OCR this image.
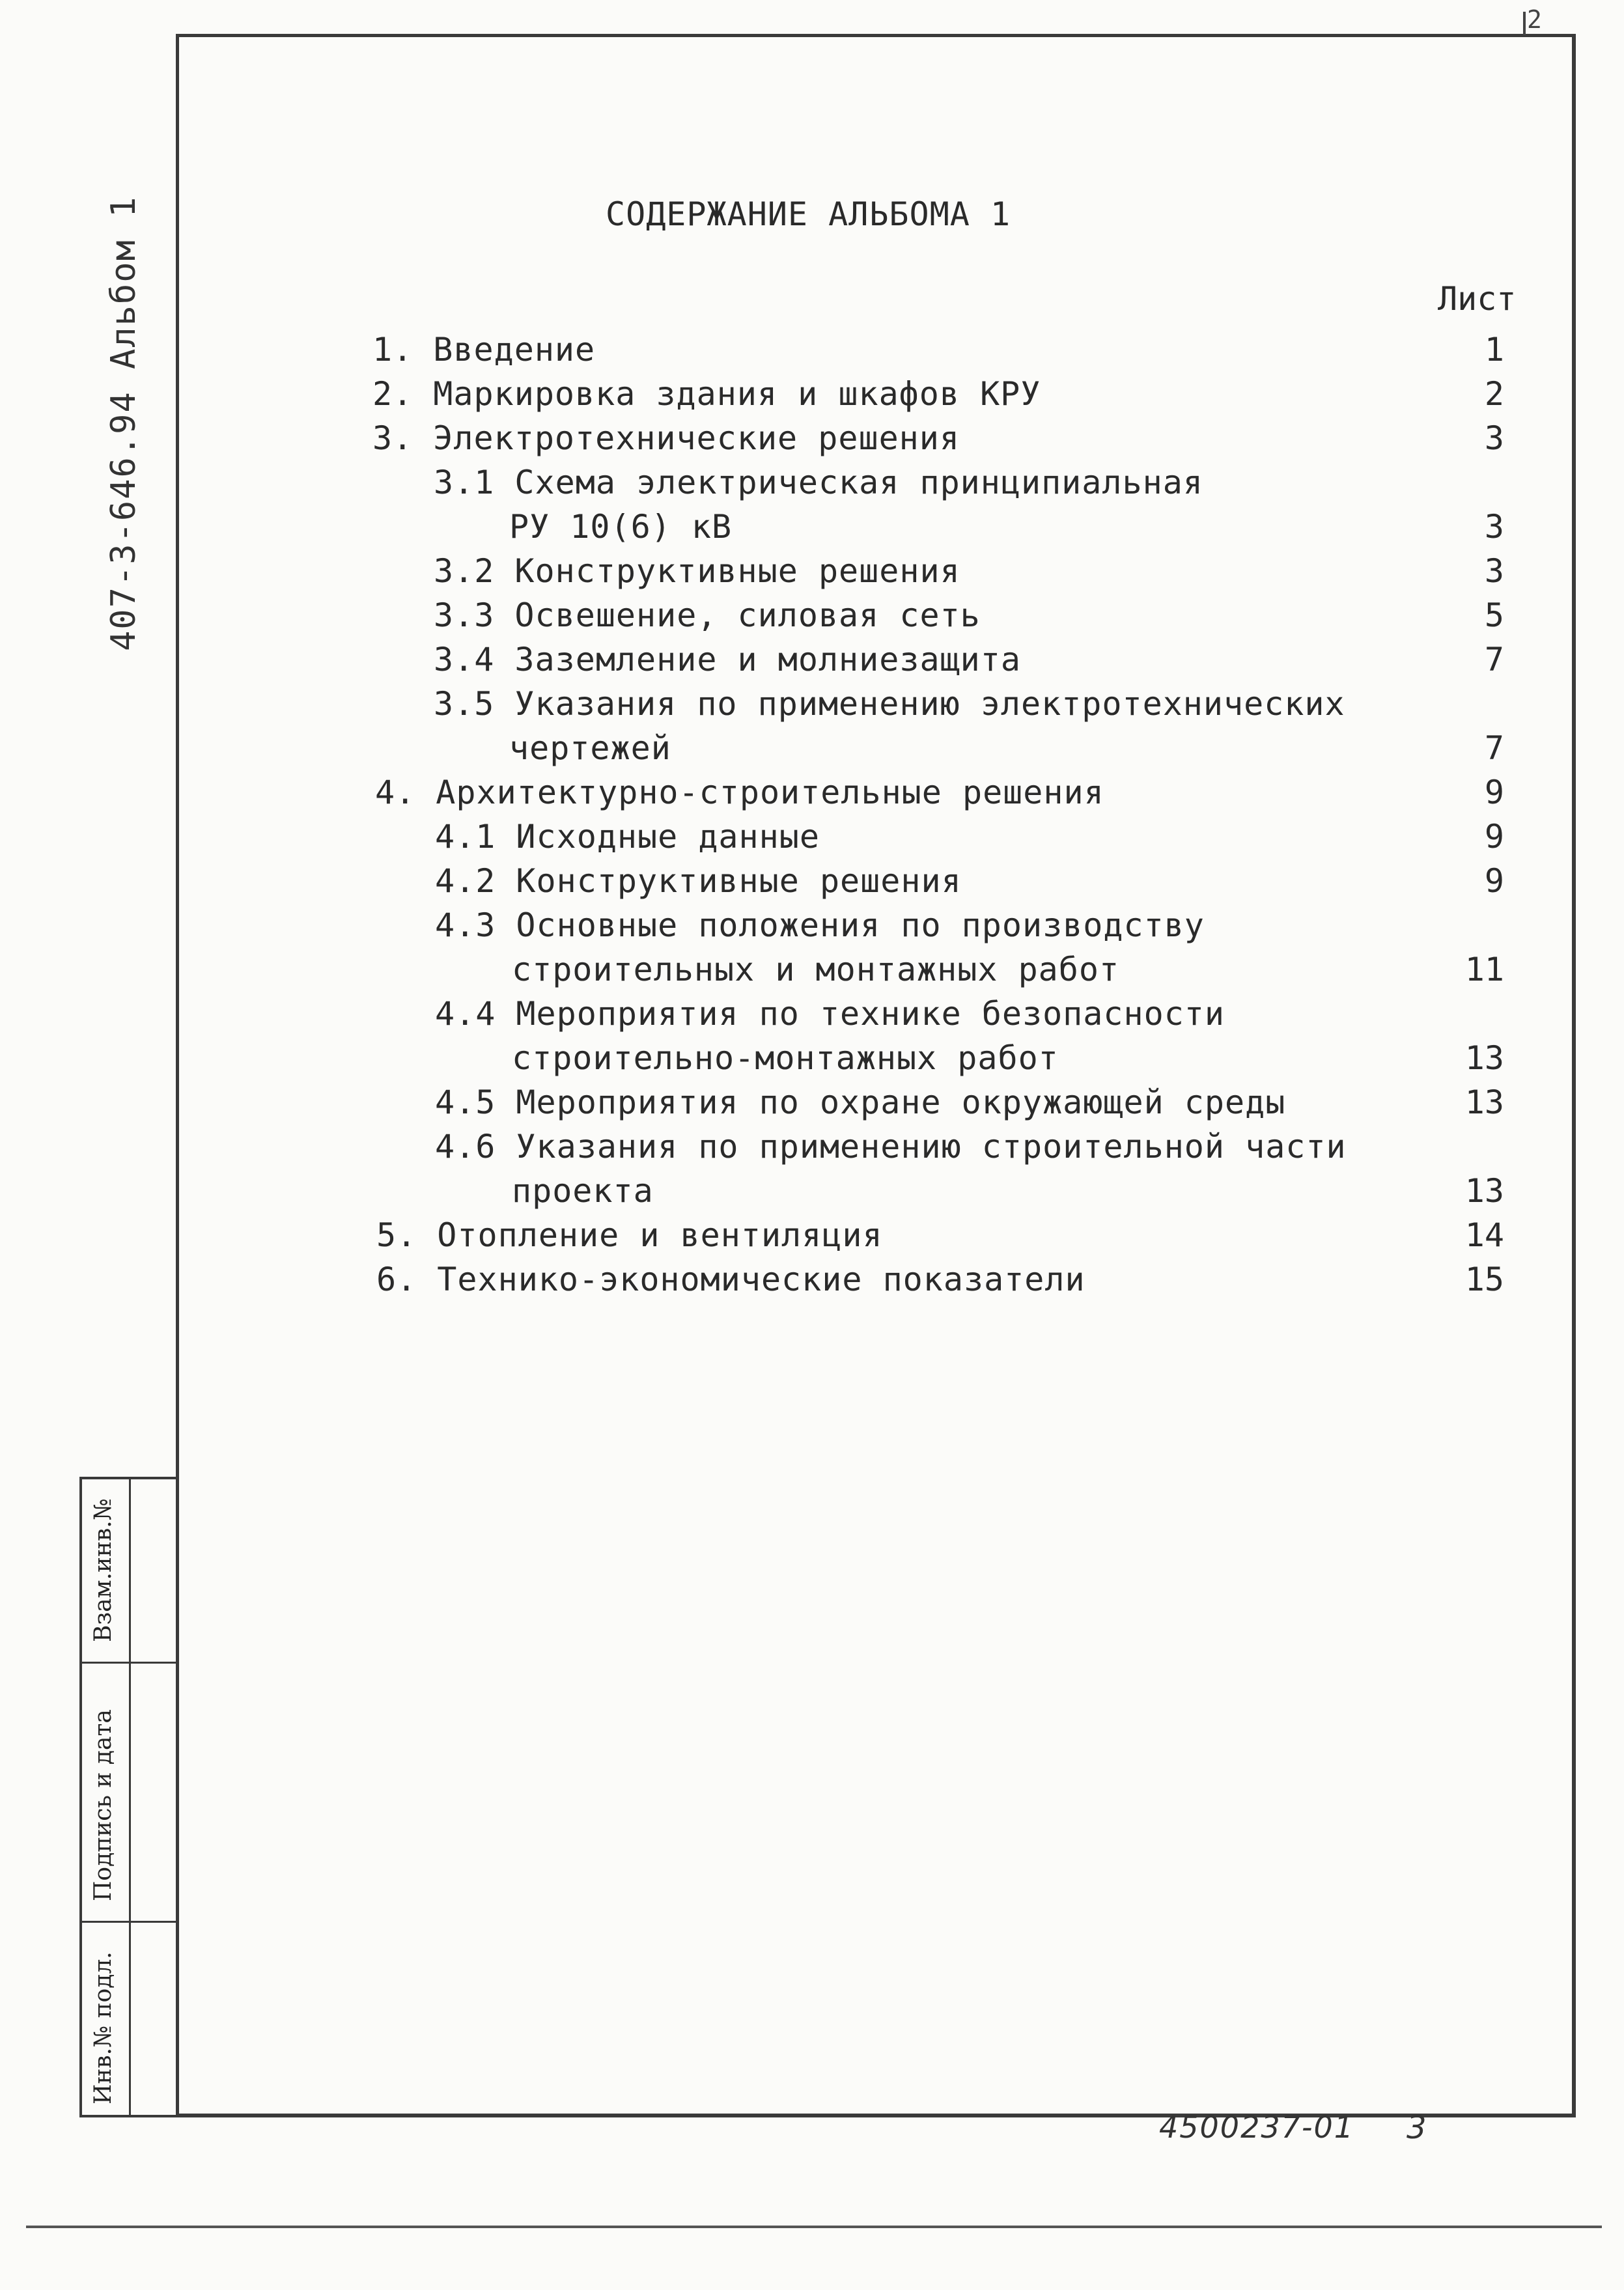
2
407-3-646.94 Альбом 1
Взам.инв.№
Подпись и дата
Инв.№ подл.
СОДЕРЖАНИЕ АЛЬБОМА 1
Лист
1. Введение	1
2. Маркировка здания и шкафов КРУ	2
3. Электротехнические решения	3
3.1 Схема электрическая принципиальная
РУ 10(6) кВ	3
3.2 Конструктивные решения	3
3.3 Освешение, силовая сеть	5
3.4 Заземление и молниезащита	7
3.5 Указания по применению электротехнических
чертежей	7
4. Архитектурно-строительные решения	9
4.1 Исходные данные	9
4.2 Конструктивные решения	9
4.3 Основные положения по производству
строительных и монтажных работ	11
4.4 Мероприятия по технике безопасности
строительно-монтажных работ	13
4.5 Мероприятия по охране окружающей среды	13
4.6 Указания по применению строительной части
проекта	13
5. Отопление и вентиляция	14
6. Технико-экономические показатели	15
4500237-01 3
